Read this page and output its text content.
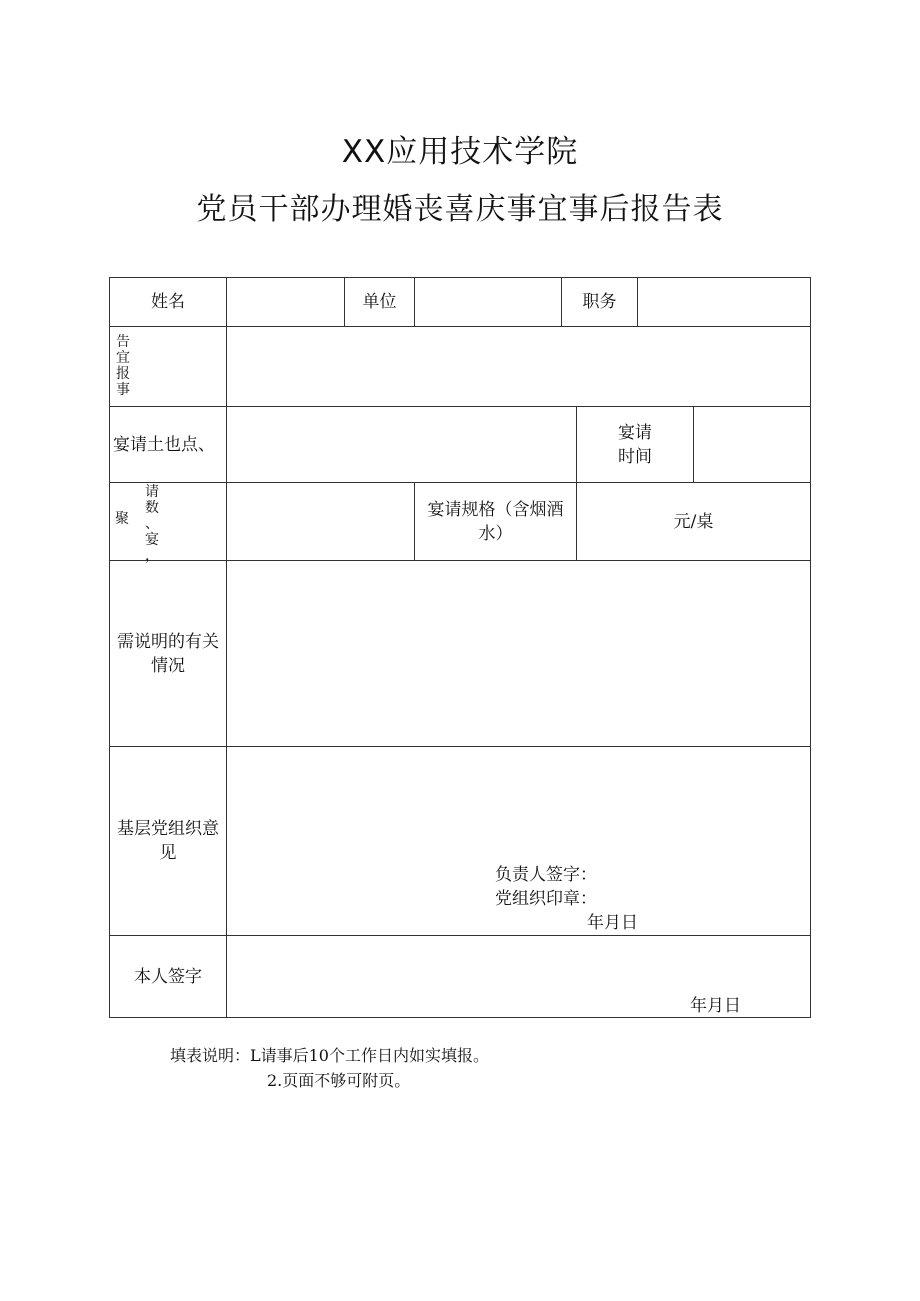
XX应用技术学院
党员干部办理婚丧喜庆事宜事后报告表
姓名	单位	职务
告
宜
报
事
宴请土也点、
宴请
时间
聚
请
数
、
宴
，
宴请规格（含烟酒
水）
元/桌
需说明的有关
情况
基层党组织意
见
负责人签字：
党组织印章：
年月日
本人签字
年月日
填表说明：L请事后10个工作日内如实填报。
2.页面不够可附页。
